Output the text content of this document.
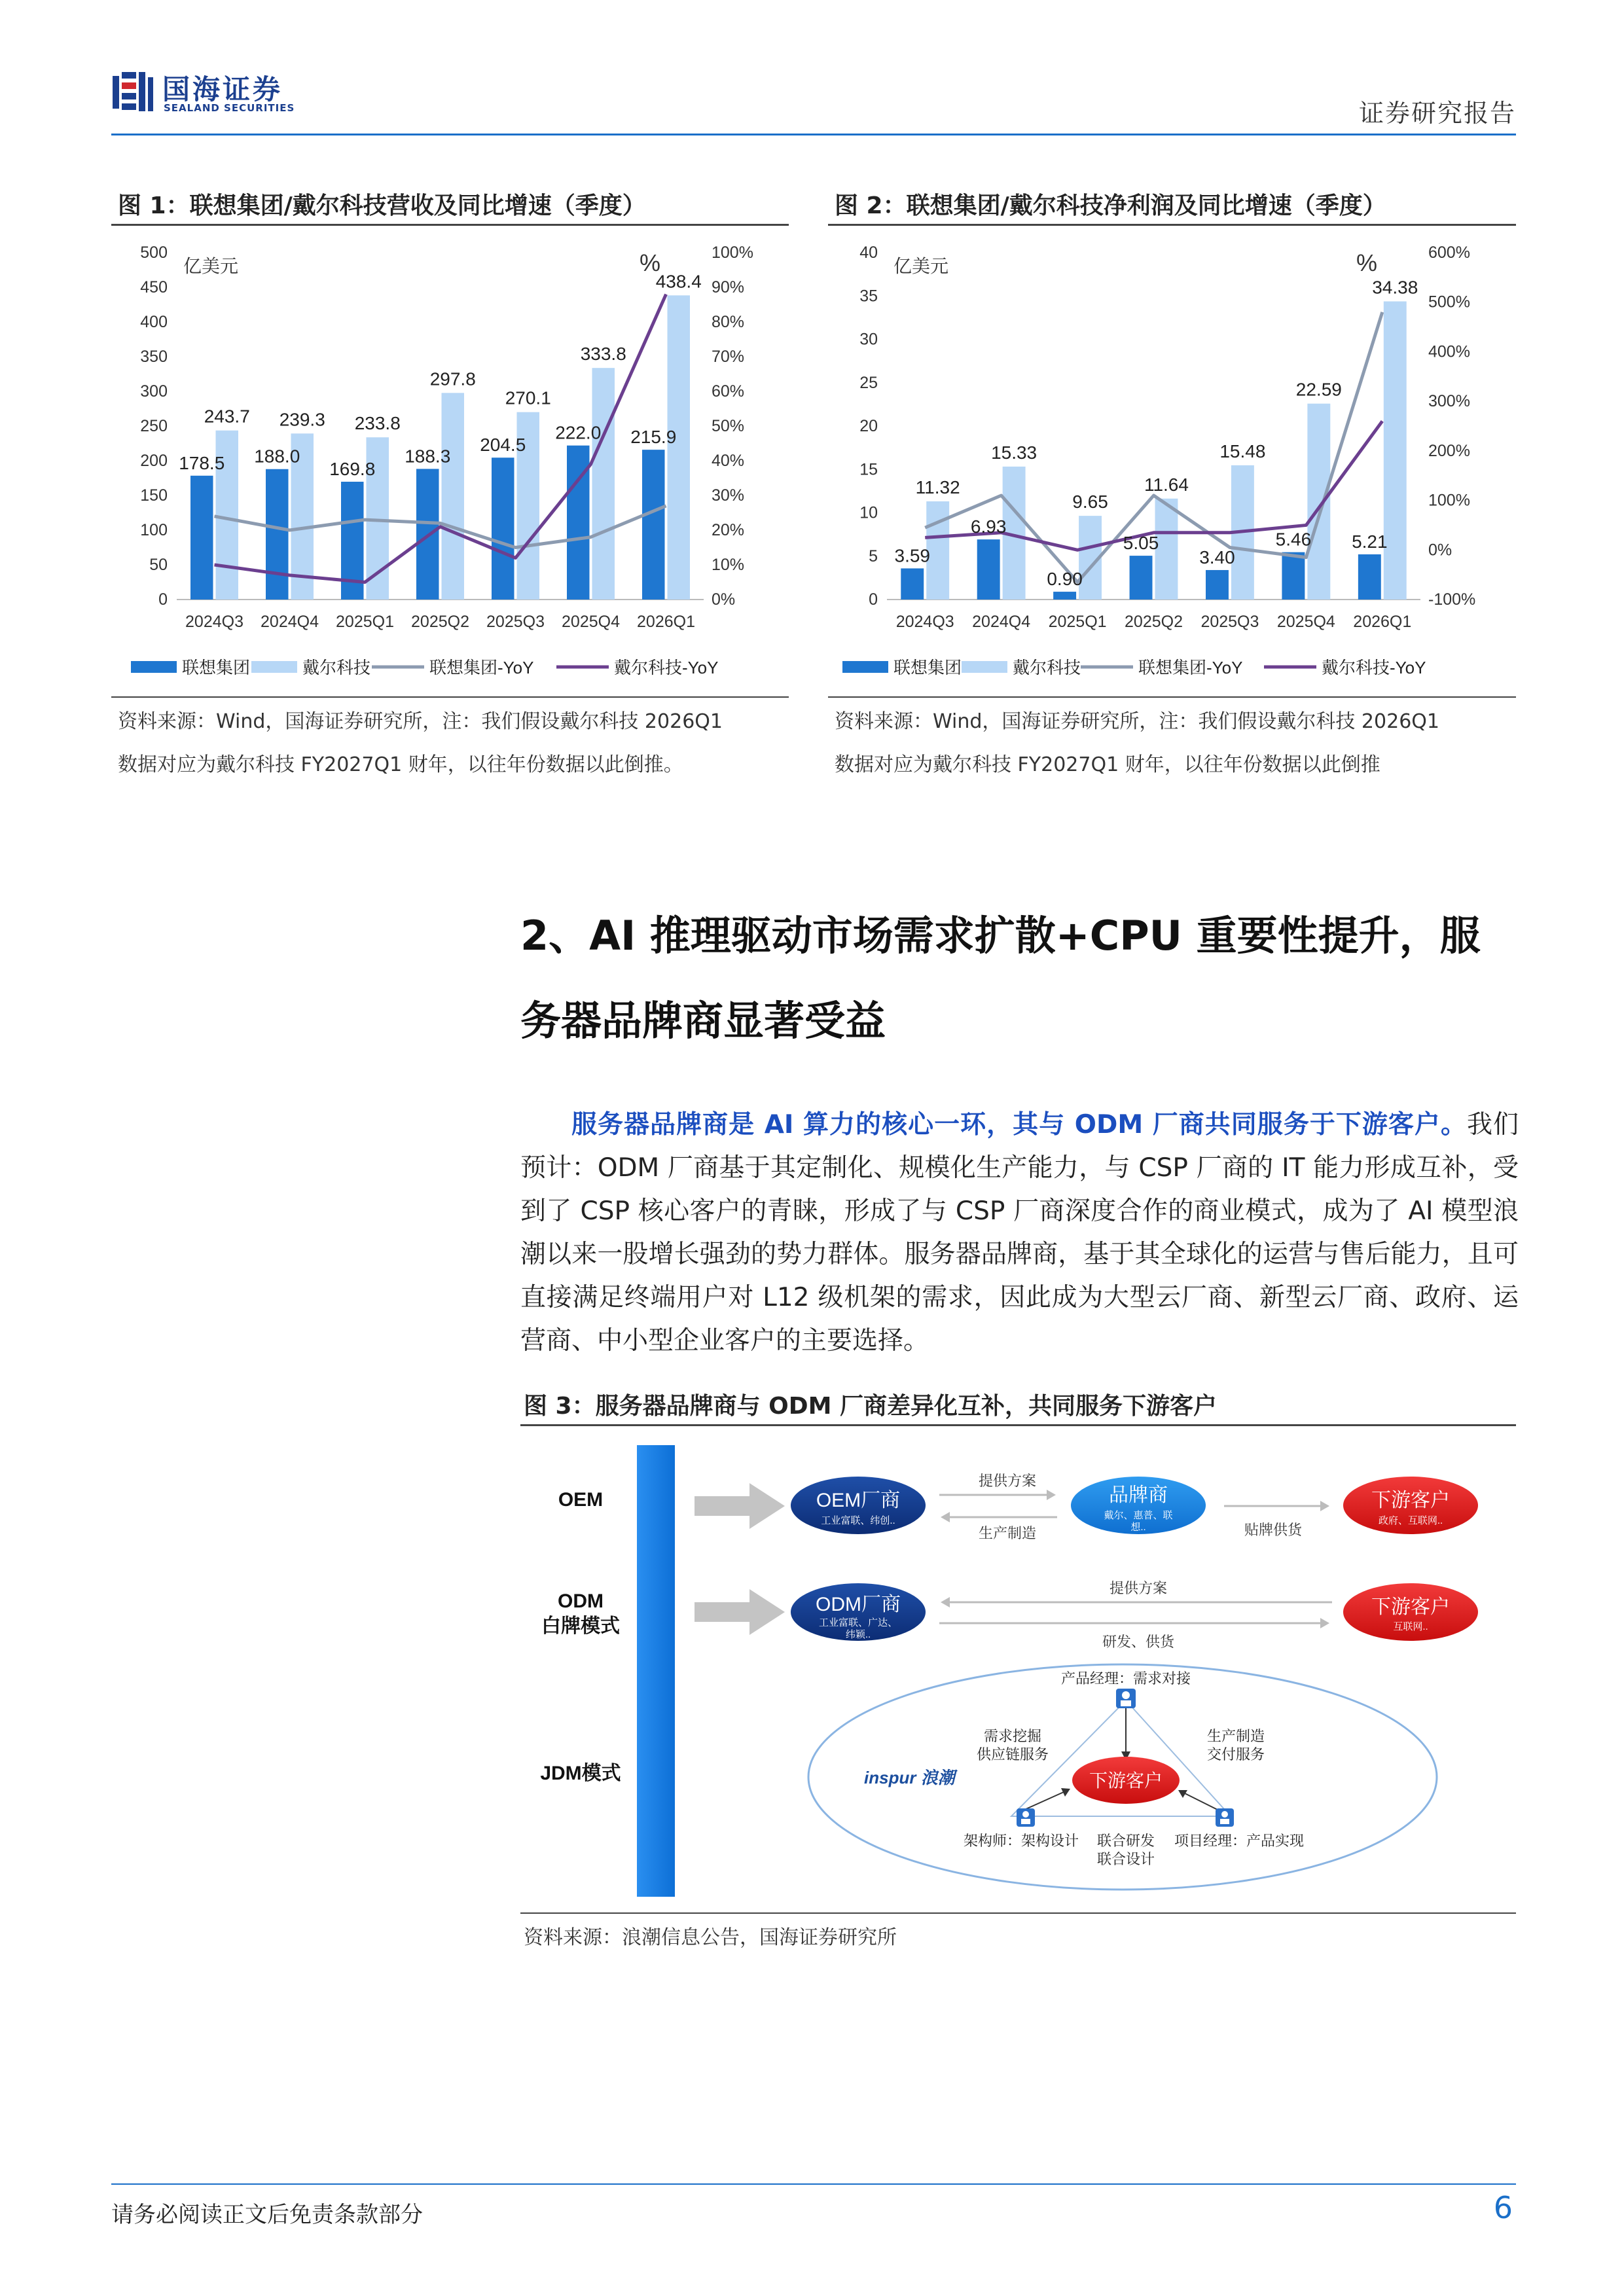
国海证券
SEALAND SECURITIES	证券研究报告
图 1：联想集团/戴尔科技营收及同比增速（季度）
0
50
100
150
200
250
300
350
400
450
500
0%
10%
20%
30%
40%
50%
60%
70%
80%
90%
100%
亿美元	%
2024Q3 2024Q4 2025Q1 2025Q2 2025Q3 2025Q4 2026Q1
178.5
243.7
188.0
239.3
169.8
233.8
188.3
297.8
204.5
270.1
222.0
333.8
215.9
438.4
联想集团	戴尔科技	联想集团-YoY	戴尔科技-YoY
资料来源：Wind，国海证券研究所，注：我们假设戴尔科技 2026Q1
数据对应为戴尔科技 FY2027Q1 财年，以往年份数据以此倒推。
图 2：联想集团/戴尔科技净利润及同比增速（季度）
0
5
10
15
20
25
30
35
40
-100%
0%
100%
200%
300%
400%
500%
600%
亿美元	%
2024Q3 2024Q4 2025Q1 2025Q2 2025Q3 2025Q4 2026Q1
3.59
11.32
6.93
15.33
0.90
9.65
5.05
11.64
3.40
15.48
5.46
22.59
5.21
34.38
联想集团	戴尔科技	联想集团-YoY	戴尔科技-YoY
资料来源：Wind，国海证券研究所，注：我们假设戴尔科技 2026Q1
数据对应为戴尔科技 FY2027Q1 财年，以往年份数据以此倒推
2、AI 推理驱动市场需求扩散+CPU 重要性提升，服
务器品牌商显著受益
服务器品牌商是 AI 算力的核心一环，其与 ODM 厂商共同服务于下游客户。我们预计：ODM 厂商基于其定制化、规模化生产能力，与 CSP 厂商的 IT 能力形成互补，受到了 CSP 核心客户的青睐，形成了与 CSP 厂商深度合作的商业模式，成为了 AI 模型浪潮以来一股增长强劲的势力群体。服务器品牌商，基于其全球化的运营与售后能力，且可直接满足终端用户对 L12 级机架的需求，因此成为大型云厂商、新型云厂商、政府、运营商、中小型企业客户的主要选择。
图 3：服务器品牌商与 ODM 厂商差异化互补，共同服务下游客户
OEM
ODM
白牌模式
JDM模式
OEM厂商
工业富联、纬创..
品牌商
戴尔、惠普、联
想..
下游客户
政府、互联网..
提供方案
生产制造	贴牌供货
ODM厂商
工业富联、广达、
纬颖..
下游客户
互联网..
提供方案
研发、供货
inspur 浪潮	下游客户
产品经理：需求对接
需求挖掘
供应链服务
生产制造
交付服务
架构师：架构设计 联合研发
联合设计
项目经理：产品实现
资料来源：浪潮信息公告，国海证券研究所
请务必阅读正文后免责条款部分	6
